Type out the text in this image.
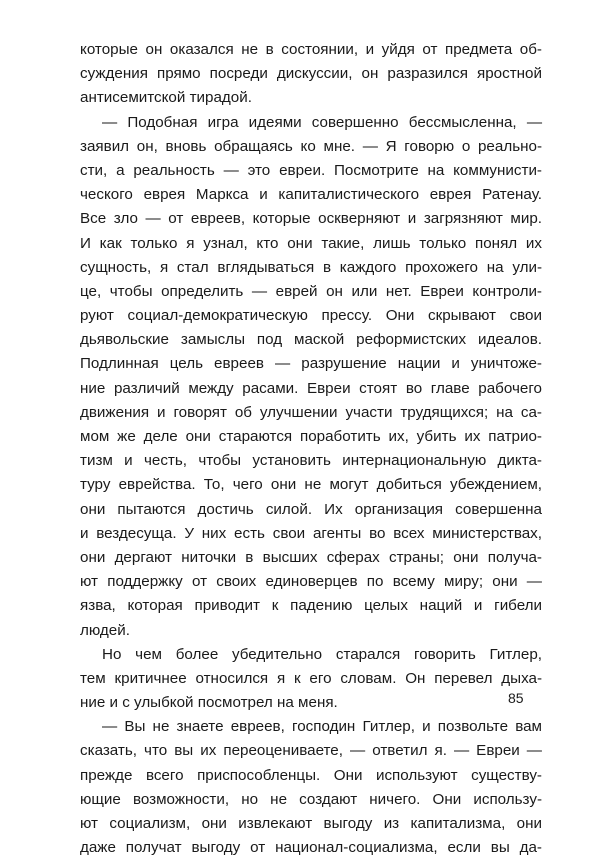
которые он оказался не в состоянии, и уйдя от предмета об-
суждения прямо посреди дискуссии, он разразился яростной
антисемитской тирадой.
— Подобная игра идеями совершенно бессмысленна, —
заявил он, вновь обращаясь ко мне. — Я говорю о реально-
сти, а реальность — это евреи. Посмотрите на коммунисти-
ческого еврея Маркса и капиталистического еврея Ратенау.
Все зло — от евреев, которые оскверняют и загрязняют мир.
И как только я узнал, кто они такие, лишь только понял их
сущность, я стал вглядываться в каждого прохожего на ули-
це, чтобы определить — еврей он или нет. Евреи контроли-
руют социал-демократическую прессу. Они скрывают свои
дьявольские замыслы под маской реформистских идеалов.
Подлинная цель евреев — разрушение нации и уничтоже-
ние различий между расами. Евреи стоят во главе рабочего
движения и говорят об улучшении участи трудящихся; на са-
мом же деле они стараются поработить их, убить их патрио-
тизм и честь, чтобы установить интернациональную дикта-
туру еврейства. То, чего они не могут добиться убеждением,
они пытаются достичь силой. Их организация совершенна
и вездесуща. У них есть свои агенты во всех министерствах,
они дергают ниточки в высших сферах страны; они получа-
ют поддержку от своих единоверцев по всему миру; они —
язва, которая приводит к падению целых наций и гибели
людей.
Но чем более убедительно старался говорить Гитлер,
тем критичнее относился я к его словам. Он перевел дыха-
ние и с улыбкой посмотрел на меня.
— Вы не знаете евреев, господин Гитлер, и позвольте вам
сказать, что вы их переоцениваете, — ответил я. — Евреи —
прежде всего приспособленцы. Они используют существу-
ющие возможности, но не создают ничего. Они использу-
ют социализм, они извлекают выгоду из капитализма, они
даже получат выгоду от национал-социализма, если вы да-
85
